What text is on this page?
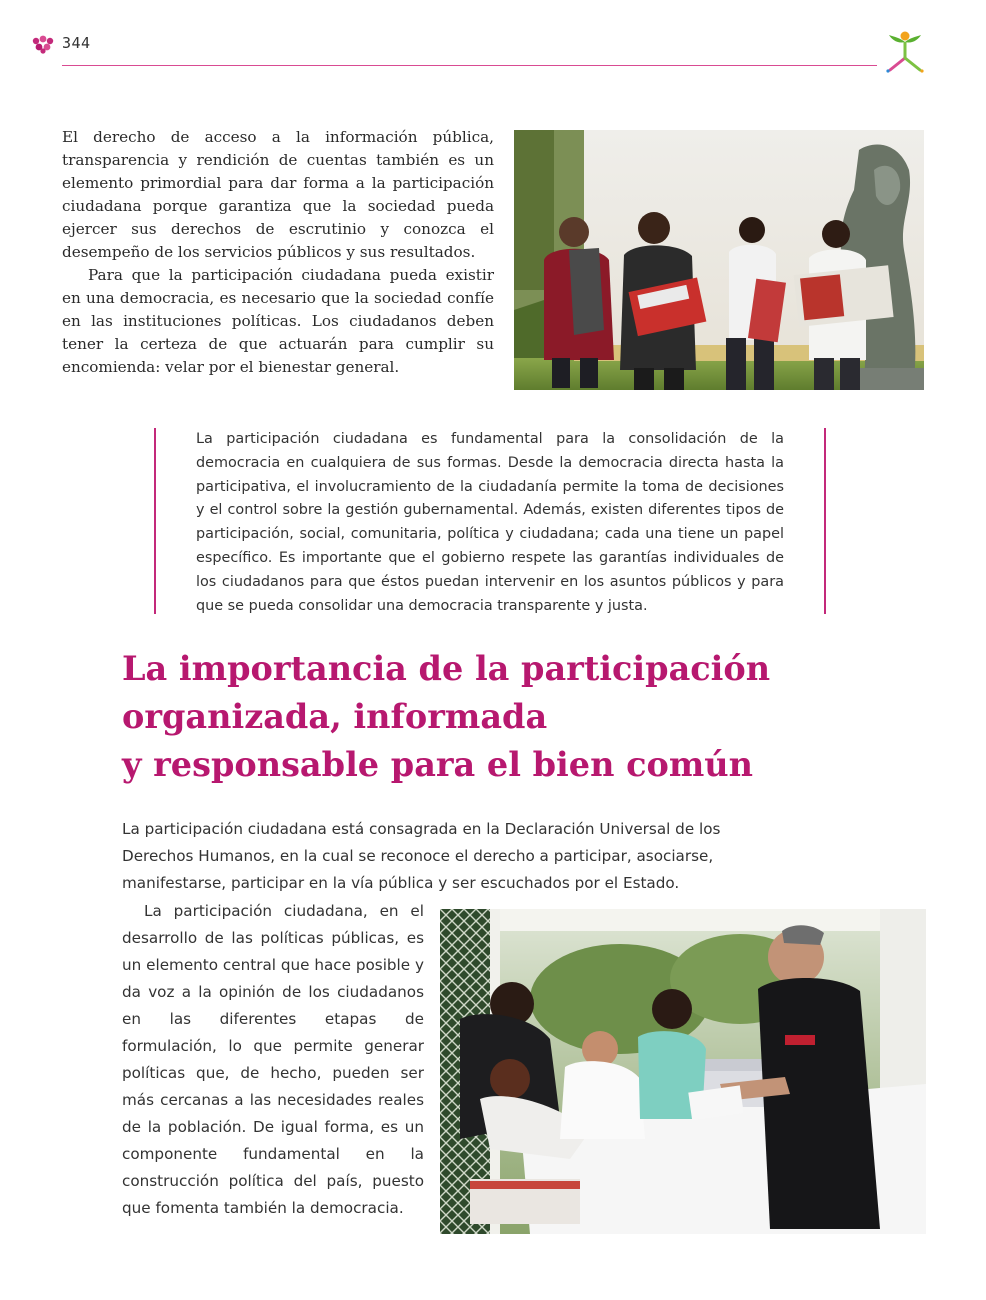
344

El derecho de acceso a la información pública, transparencia y rendición de cuentas también es un elemento primordial para dar forma a la participación ciudadana porque garantiza que la sociedad pueda ejercer sus derechos de escrutinio y conozca el desempeño de los servicios públicos y sus resultados.

Para que la participación ciudadana pueda existir en una democracia, es necesario que la sociedad confíe en las instituciones políticas. Los ciudadanos deben tener la certeza de que actuarán para cumplir su encomienda: velar por el bienestar general.

La participación ciudadana es fundamental para la consolidación de la democracia en cualquiera de sus formas. Desde la democracia directa hasta la participativa, el involucramiento de la ciudadanía permite la toma de decisiones y el control sobre la gestión gubernamental. Además, existen diferentes tipos de participación, social, comunitaria, política y ciudadana; cada una tiene un papel específico. Es importante que el gobierno respete las garantías individuales de los ciudadanos para que éstos puedan intervenir en los asuntos públicos y para que se pueda consolidar una democracia transparente y justa.

La importancia de la participación
organizada, informada
y responsable para el bien común

La participación ciudadana está consagrada en la Declaración Universal de los Derechos Humanos, en la cual se reconoce el derecho a participar, asociarse, manifestarse, participar en la vía pública y ser escuchados por el Estado.

La participación ciudadana, en el desarrollo de las políticas públicas, es un elemento central que hace posible y da voz a la opinión de los ciudadanos en las diferentes etapas de formulación, lo que permite generar políticas que, de hecho, pueden ser más cercanas a las necesidades reales de la población. De igual forma, es un componente fundamental en la construcción política del país, puesto que fomenta también la democracia.
